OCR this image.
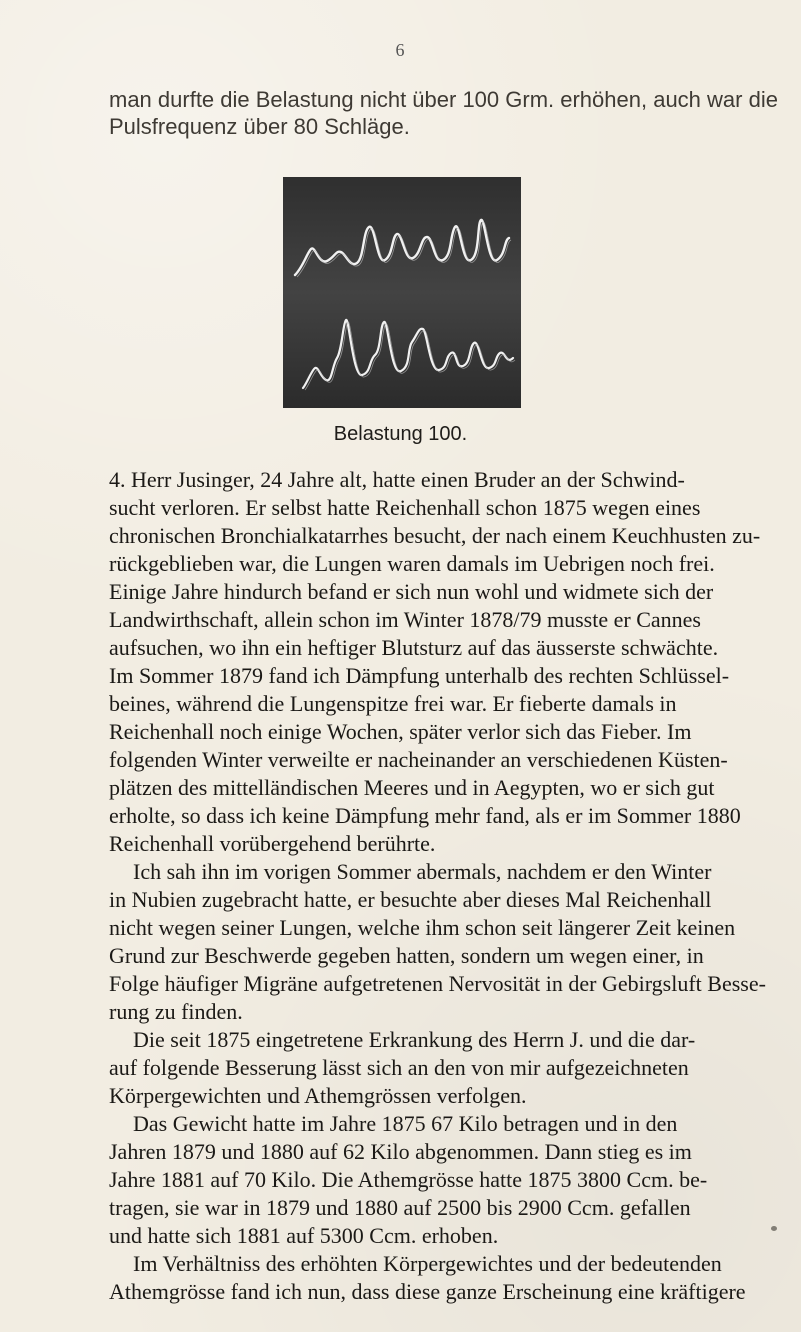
6
man durfte die Belastung nicht über 100 Grm. erhöhen, auch war die
Pulsfrequenz über 80 Schläge.
Belastung 100.
4. Herr Jusinger, 24 Jahre alt, hatte einen Bruder an der Schwind-
sucht verloren. Er selbst hatte Reichenhall schon 1875 wegen eines
chronischen Bronchialkatarrhes besucht, der nach einem Keuchhusten zu-
rückgeblieben war, die Lungen waren damals im Uebrigen noch frei.
Einige Jahre hindurch befand er sich nun wohl und widmete sich der
Landwirthschaft, allein schon im Winter 1878/79 musste er Cannes
aufsuchen, wo ihn ein heftiger Blutsturz auf das äusserste schwächte.
Im Sommer 1879 fand ich Dämpfung unterhalb des rechten Schlüssel-
beines, während die Lungenspitze frei war. Er fieberte damals in
Reichenhall noch einige Wochen, später verlor sich das Fieber. Im
folgenden Winter verweilte er nacheinander an verschiedenen Küsten-
plätzen des mittelländischen Meeres und in Aegypten, wo er sich gut
erholte, so dass ich keine Dämpfung mehr fand, als er im Sommer 1880
Reichenhall vorübergehend berührte.
Ich sah ihn im vorigen Sommer abermals, nachdem er den Winter
in Nubien zugebracht hatte, er besuchte aber dieses Mal Reichenhall
nicht wegen seiner Lungen, welche ihm schon seit längerer Zeit keinen
Grund zur Beschwerde gegeben hatten, sondern um wegen einer, in
Folge häufiger Migräne aufgetretenen Nervosität in der Gebirgsluft Besse-
rung zu finden.
Die seit 1875 eingetretene Erkrankung des Herrn J. und die dar-
auf folgende Besserung lässt sich an den von mir aufgezeichneten
Körpergewichten und Athemgrössen verfolgen.
Das Gewicht hatte im Jahre 1875 67 Kilo betragen und in den
Jahren 1879 und 1880 auf 62 Kilo abgenommen. Dann stieg es im
Jahre 1881 auf 70 Kilo. Die Athemgrösse hatte 1875 3800 Ccm. be-
tragen, sie war in 1879 und 1880 auf 2500 bis 2900 Ccm. gefallen
und hatte sich 1881 auf 5300 Ccm. erhoben.
Im Verhältniss des erhöhten Körpergewichtes und der bedeutenden
Athemgrösse fand ich nun, dass diese ganze Erscheinung eine kräftigere
